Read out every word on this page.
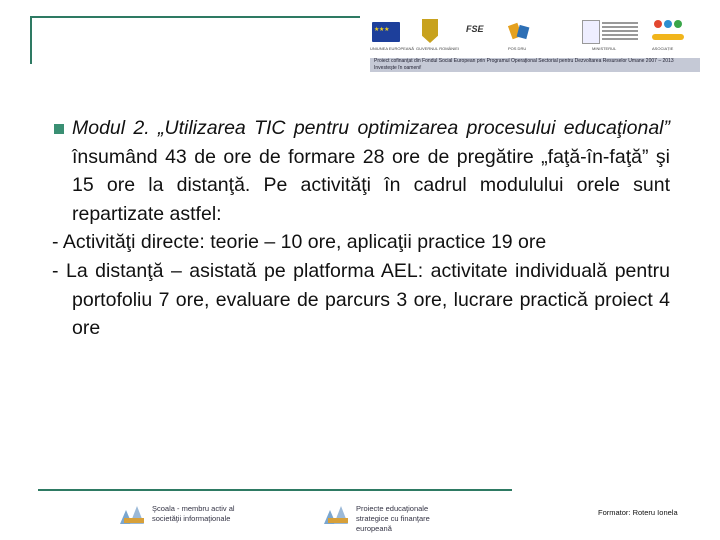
★ ★ ★
UNIUNEA EUROPEANĂ GUVERNUL ROMÂNIEI
FSE
POS DRU	MINISTERUL	ASOCIAȚIE
Proiect cofinanţat din Fondul Social European prin Programul Operaţional Sectorial pentru Dezvoltarea Resurselor Umane 2007 – 2013 Investeşte în oameni!

Modul 2. „Utilizarea TIC pentru optimizarea procesului educaţional” însumând 43 de ore de formare 28 ore de pregătire „faţă-în-faţă” şi 15 ore la distanţă. Pe activităţi în cadrul modulului orele sunt repartizate astfel:

- Activităţi directe: teorie – 10 ore, aplicaţii practice 19 ore

- La distanţă – asistată pe platforma AEL: activitate individuală pentru portofoliu 7 ore, evaluare de parcurs 3 ore, lucrare practică proiect 4 ore

Şcoala - membru activ al
societăţii informaţionale
Proiecte educaţionale
strategice cu finanţare europeană
Formator: Roteru Ionela
